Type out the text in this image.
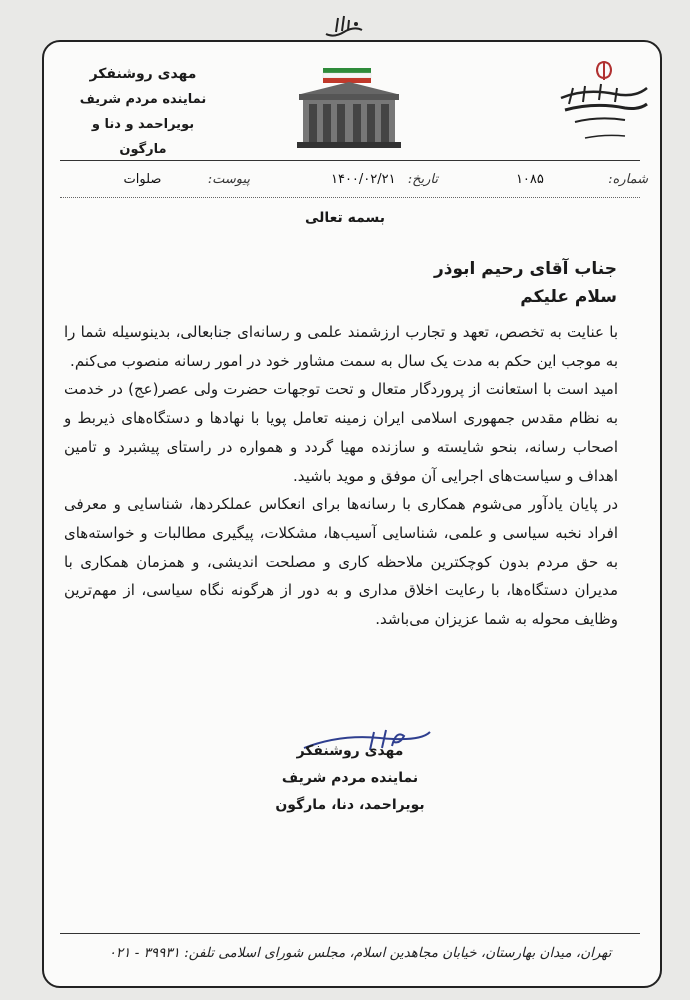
مهدی روشنفکر
نماینده مردم شریف
بویراحمد و دنا و مارگون
شماره:  ۱۰۸۵
تاریخ: ۱۴۰۰/۰۲/۲۱
پیوست:  صلوات
بسمه تعالی
جناب آقای رحیم ابوذر
سلام علیکم

با عنایت به تخصص، تعهد و تجارب ارزشمند علمی و رسانه‌ای جنابعالی، بدینوسیله شما را به موجب این حکم به مدت یک سال به سمت مشاور خود در امور رسانه منصوب می‌کنم.

امید است با استعانت از پروردگار متعال و تحت توجهات حضرت ولی عصر(عج) در خدمت به نظام مقدس جمهوری اسلامی ایران زمینه تعامل پویا با نهادها و دستگاه‌های ذیربط و اصحاب رسانه، بنحو شایسته و سازنده مهیا گردد و همواره در راستای پیشبرد و تامین اهداف و سیاست‌های اجرایی آن موفق و موید باشید.

در پایان یادآور می‌شوم همکاری با رسانه‌ها برای انعکاس عملکردها، شناسایی و معرفی افراد نخبه سیاسی و علمی، شناسایی آسیب‌ها، مشکلات، پیگیری مطالبات و خواسته‌های به حق مردم بدون کوچکترین ملاحظه کاری و مصلحت اندیشی، و همزمان همکاری با مدیران دستگاه‌ها، با رعایت اخلاق مداری و به دور از هرگونه نگاه سیاسی، از مهم‌ترین وظایف محوله به شما عزیزان می‌باشد.

مهدی روشنفکر
نماینده مردم شریف
بویراحمد، دنا، مارگون
تهران، میدان بهارستان، خیابان مجاهدین اسلام، مجلس شورای اسلامی تلفن: ۳۹۹۳۱ - ۰۲۱
